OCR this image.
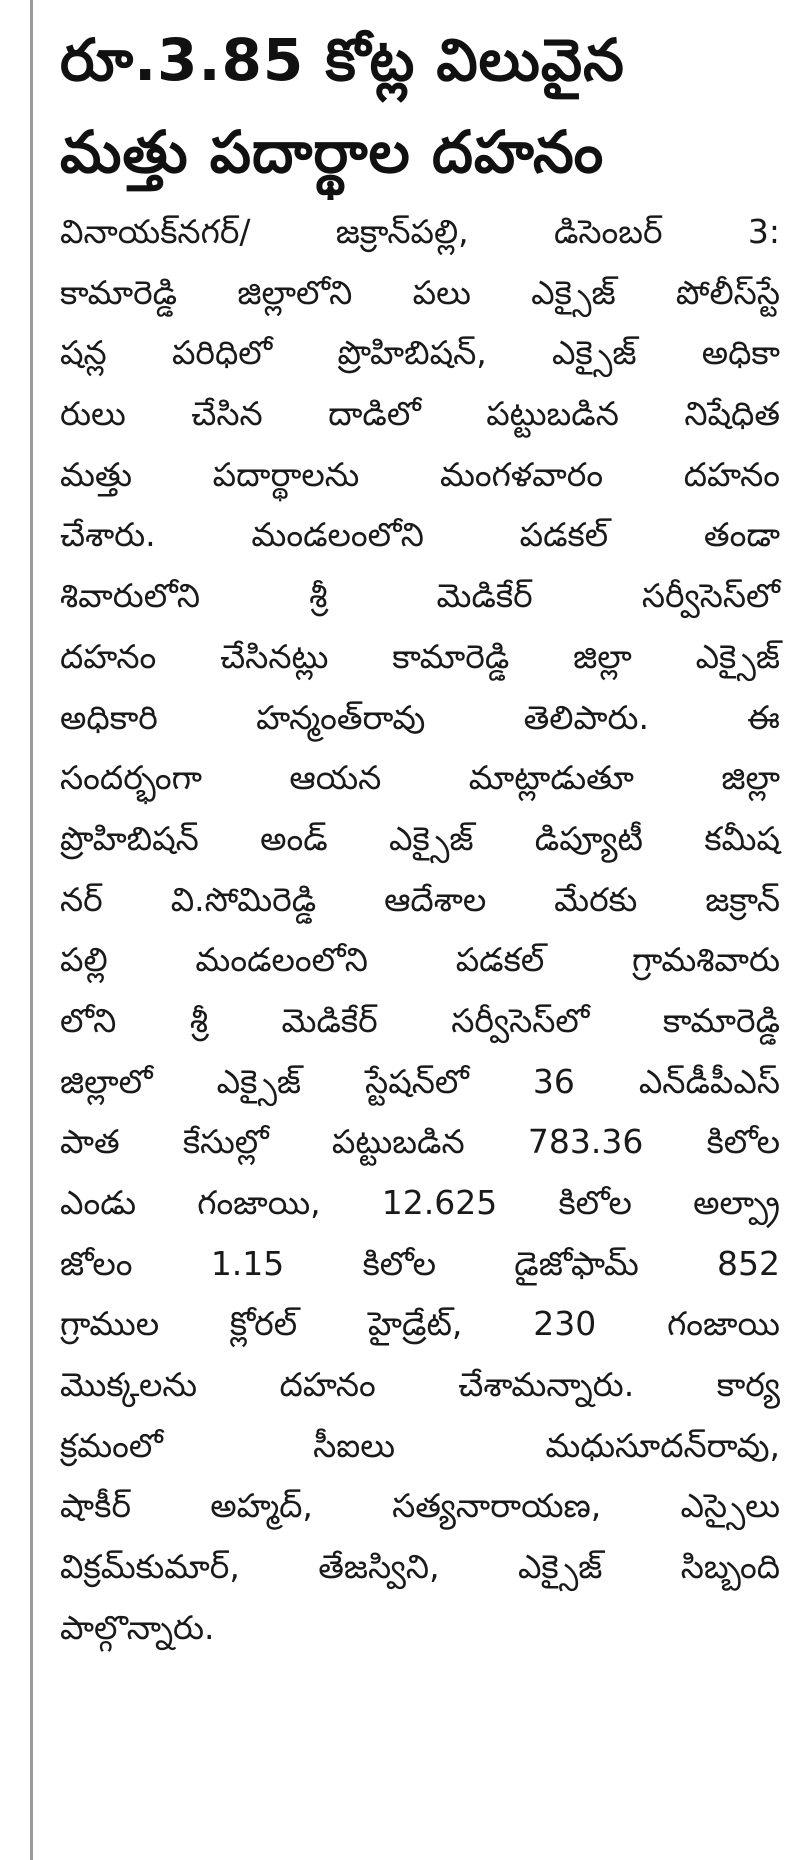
రూ.3.85 కోట్ల విలువైన
మత్తు పదార్థాల దహనం
వినాయక్‌నగర్/ జక్రాన్‌పల్లి, డిసెంబర్ 3:
కామారెడ్డి జిల్లాలోని పలు ఎక్సైజ్ పోలీస్‌స్టే
షన్ల పరిధిలో ప్రొహిబిషన్, ఎక్సైజ్ అధికా
రులు చేసిన దాడిలో పట్టుబడిన నిషేధిత
మత్తు పదార్థాలను మంగళవారం దహనం
చేశారు. మండలంలోని పడకల్ తండా
శివారులోని శ్రీ మెడికేర్ సర్వీసెస్‌లో
దహనం చేసినట్లు కామారెడ్డి జిల్లా ఎక్సైజ్
అధికారి హన్మంత్‌రావు తెలిపారు. ఈ
సందర్భంగా ఆయన మాట్లాడుతూ జిల్లా
ప్రొహిబిషన్ అండ్ ఎక్సైజ్ డిప్యూటీ కమీష
నర్ వి.సోమిరెడ్డి ఆదేశాల మేరకు జక్రాన్
పల్లి మండలంలోని పడకల్ గ్రామశివారు
లోని శ్రీ మెడికేర్ సర్వీసెస్‌లో కామారెడ్డి
జిల్లాలో ఎక్సైజ్ స్టేషన్‌లో 36 ఎన్‌డీపీఎస్
పాత కేసుల్లో పట్టుబడిన 783.36 కిలోల
ఎండు గంజాయి, 12.625 కిలోల అల్ప్రా
జోలం 1.15 కిలోల డైజోఫామ్ 852
గ్రాముల క్లోరల్ హైడ్రేట్, 230 గంజాయి
మొక్కలను దహనం చేశామన్నారు. కార్య
క్రమంలో సీఐలు మధుసూదన్‌రావు,
షాకీర్ అహ్మద్, సత్యనారాయణ, ఎస్సైలు
విక్రమ్‌కుమార్, తేజస్విని, ఎక్సైజ్ సిబ్బంది
పాల్గొన్నారు.
